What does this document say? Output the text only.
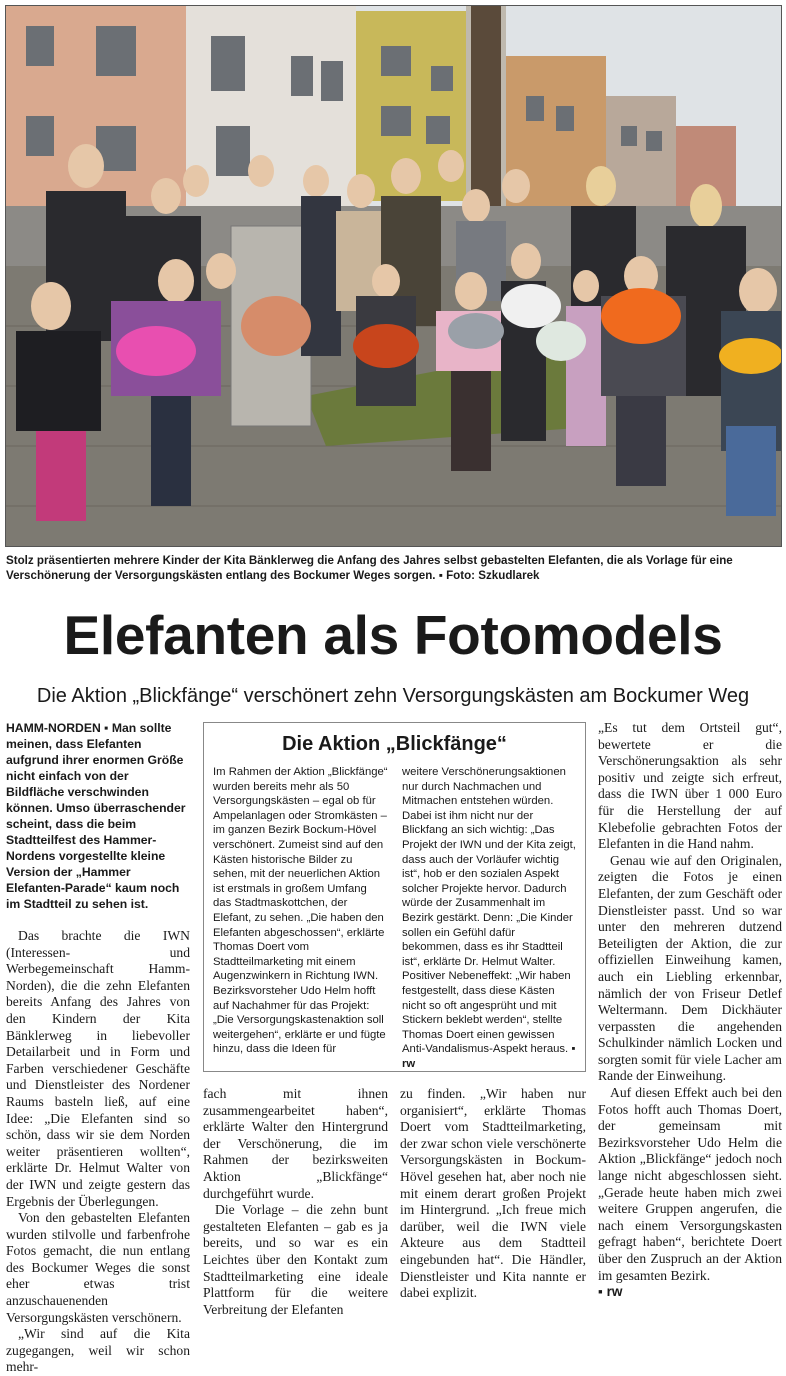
Stolz präsentierten mehrere Kinder der Kita Bänklerweg die Anfang des Jahres selbst gebastelten Elefanten, die als Vorlage für eine Verschönerung der Versorgungskästen entlang des Bockumer Weges sorgen. ▪ Foto: Szkudlarek
Elefanten als Fotomodels
Die Aktion „Blickfänge“ verschönert zehn Versorgungskästen am Bockumer Weg

HAMM-NORDEN ▪ Man sollte meinen, dass Elefanten aufgrund ihrer enormen Größe nicht einfach von der Bildfläche verschwinden können. Umso überraschender scheint, dass die beim Stadtteilfest des Hammer-Nordens vorgestellte kleine Version der „Hammer Elefanten-Parade“ kaum noch im Stadtteil zu sehen ist.

Das brachte die IWN (Interessen- und Werbegemeinschaft Hamm-Norden), die die zehn Elefanten bereits Anfang des Jahres von den Kindern der Kita Bänklerweg in liebevoller Detailarbeit und in Form und Farben verschiedener Geschäfte und Dienstleister des Nordener Raums basteln ließ, auf eine Idee: „Die Elefanten sind so schön, dass wir sie dem Norden weiter präsentieren wollten“, erklärte Dr. Helmut Walter von der IWN und zeigte gestern das Ergebnis der Überlegungen.

Von den gebastelten Elefanten wurden stilvolle und farbenfrohe Fotos gemacht, die nun entlang des Bockumer Weges die sonst eher etwas trist anzuschauenenden Versorgungskästen verschönern.

„Wir sind auf die Kita zugegangen, weil wir schon mehr-

Die Aktion „Blickfänge“

Im Rahmen der Aktion „Blickfänge“ wurden bereits mehr als 50 Versorgungskästen – egal ob für Ampelanlagen oder Stromkästen – im ganzen Bezirk Bockum-Hövel verschönert. Zumeist sind auf den Kästen historische Bilder zu sehen, mit der neuerlichen Aktion ist erstmals in großem Umfang das Stadtmaskottchen, der Elefant, zu sehen. „Die haben den Elefanten abgeschossen“, erklärte Thomas Doert vom Stadtteilmarketing mit einem Augenzwinkern in Richtung IWN. Bezirksvorsteher Udo Helm hofft auf Nachahmer für das Projekt: „Die Versorgungskastenaktion soll weitergehen“, erklärte er und fügte hinzu, dass die Ideen für

weitere Verschönerungsaktionen nur durch Nachmachen und Mitmachen entstehen würden. Dabei ist ihm nicht nur der Blickfang an sich wichtig: „Das Projekt der IWN und der Kita zeigt, dass auch der Vorläufer wichtig ist“, hob er den sozialen Aspekt solcher Projekte hervor. Dadurch würde der Zusammenhalt im Bezirk gestärkt. Denn: „Die Kinder sollen ein Gefühl dafür bekommen, dass es ihr Stadtteil ist“, erklärte Dr. Helmut Walter. Positiver Nebeneffekt: „Wir haben festgestellt, dass diese Kästen nicht so oft angesprüht und mit Stickern beklebt werden“, stellte Thomas Doert einen gewissen Anti-Vandalismus-Aspekt heraus. ▪ rw

fach mit ihnen zusammengearbeitet haben“, erklärte Walter den Hintergrund der Verschönerung, die im Rahmen der bezirksweiten Aktion „Blickfänge“ durchgeführt wurde.

Die Vorlage – die zehn bunt gestalteten Elefanten – gab es ja bereits, und so war es ein Leichtes über den Kontakt zum Stadtteilmarketing eine ideale Plattform für die weitere Verbreitung der Elefanten

zu finden. „Wir haben nur organisiert“, erklärte Thomas Doert vom Stadtteilmarketing, der zwar schon viele verschönerte Versorgungskästen in Bockum-Hövel gesehen hat, aber noch nie mit einem derart großen Projekt im Hintergrund. „Ich freue mich darüber, weil die IWN viele Akteure aus dem Stadtteil eingebunden hat“. Die Händler, Dienstleister und Kita nannte er dabei explizit.

„Es tut dem Ortsteil gut“, bewertete er die Verschönerungsaktion als sehr positiv und zeigte sich erfreut, dass die IWN über 1 000 Euro für die Herstellung der auf Klebefolie gebrachten Fotos der Elefanten in die Hand nahm.

Genau wie auf den Originalen, zeigten die Fotos je einen Elefanten, der zum Geschäft oder Dienstleister passt. Und so war unter den mehreren dutzend Beteiligten der Aktion, die zur offiziellen Einweihung kamen, auch ein Liebling erkennbar, nämlich der von Friseur Detlef Weltermann. Dem Dickhäuter verpassten die angehenden Schulkinder nämlich Locken und sorgten somit für viele Lacher am Rande der Einweihung.

Auf diesen Effekt auch bei den Fotos hofft auch Thomas Doert, der gemeinsam mit Bezirksvorsteher Udo Helm die Aktion „Blickfänge“ jedoch noch lange nicht abgeschlossen sieht. „Gerade heute haben mich zwei weitere Gruppen angerufen, die nach einem Versorgungskasten gefragt haben“, berichtete Doert über den Zuspruch an der Aktion im gesamten Bezirk.

▪ rw
